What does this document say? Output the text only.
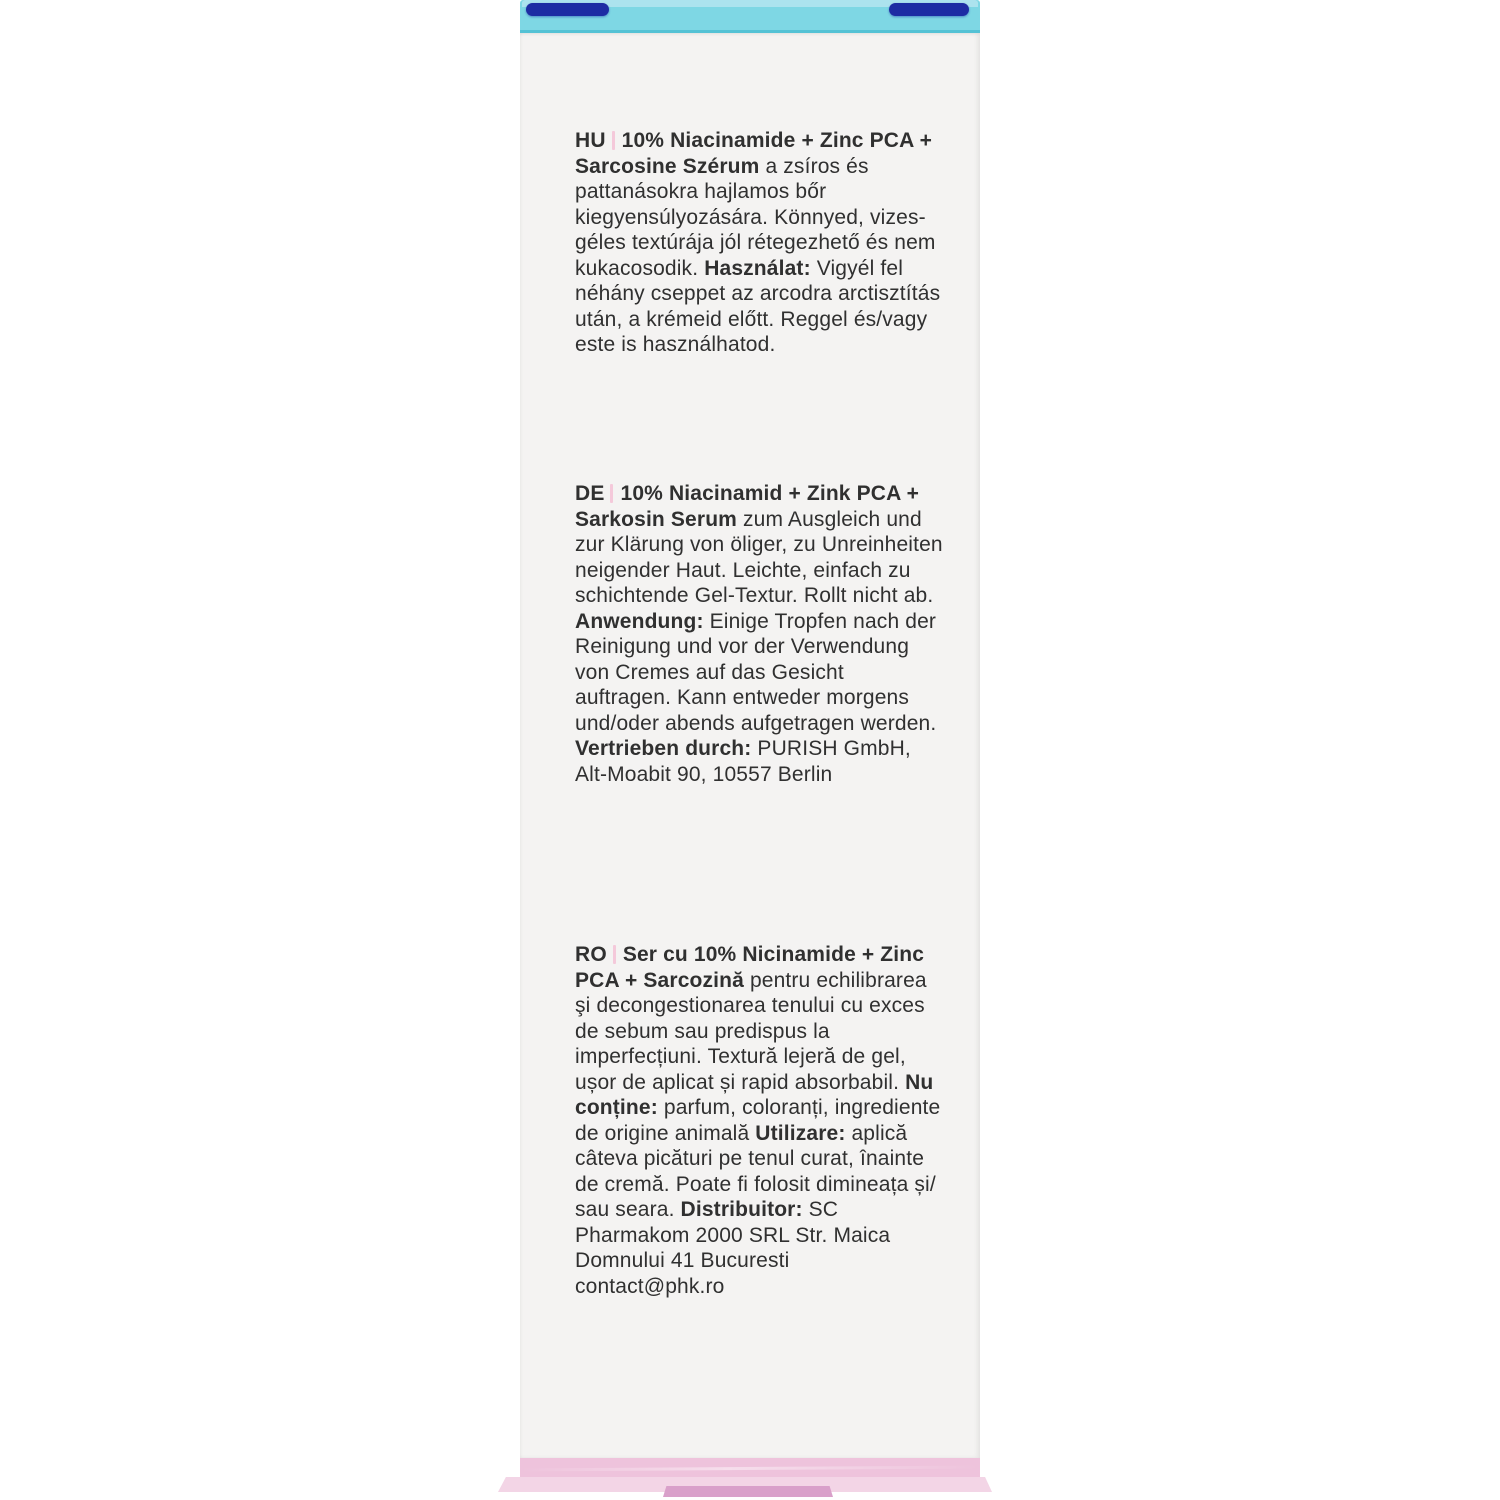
HU 10% Niacinamide + Zinc PCA + Sarcosine Szérum a zsíros és pattanásokra hajlamos bőr kiegyensúlyozására. Könnyed, vizes-géles textúrája jól rétegezhető és nem kukacosodik. Használat: Vigyél fel néhány cseppet az arcodra arctisztítás után, a krémeid előtt. Reggel és/vagy este is használhatod.

DE 10% Niacinamid + Zink PCA + Sarkosin Serum zum Ausgleich und zur Klärung von öliger, zu Unreinheiten neigender Haut. Leichte, einfach zu schichtende Gel-Textur. Rollt nicht ab. Anwendung: Einige Tropfen nach der Reinigung und vor der Verwendung von Cremes auf das Gesicht auftragen. Kann entweder morgens und/oder abends aufgetragen werden. Vertrieben durch: PURISH GmbH, Alt-Moabit 90, 10557 Berlin

RO Ser cu 10% Nicinamide + Zinc PCA + Sarcozină pentru echilibrarea şi decongestionarea tenului cu exces de sebum sau predispus la imperfecțiuni. Textură lejeră de gel, ușor de aplicat și rapid absorbabil. Nu conține: parfum, coloranți, ingrediente de origine animală Utilizare: aplică câteva picături pe tenul curat, înainte de cremă. Poate fi folosit dimineața și/ sau seara. Distribuitor: SC Pharmakom 2000 SRL Str. Maica Domnului 41 Bucuresti contact@phk.ro
